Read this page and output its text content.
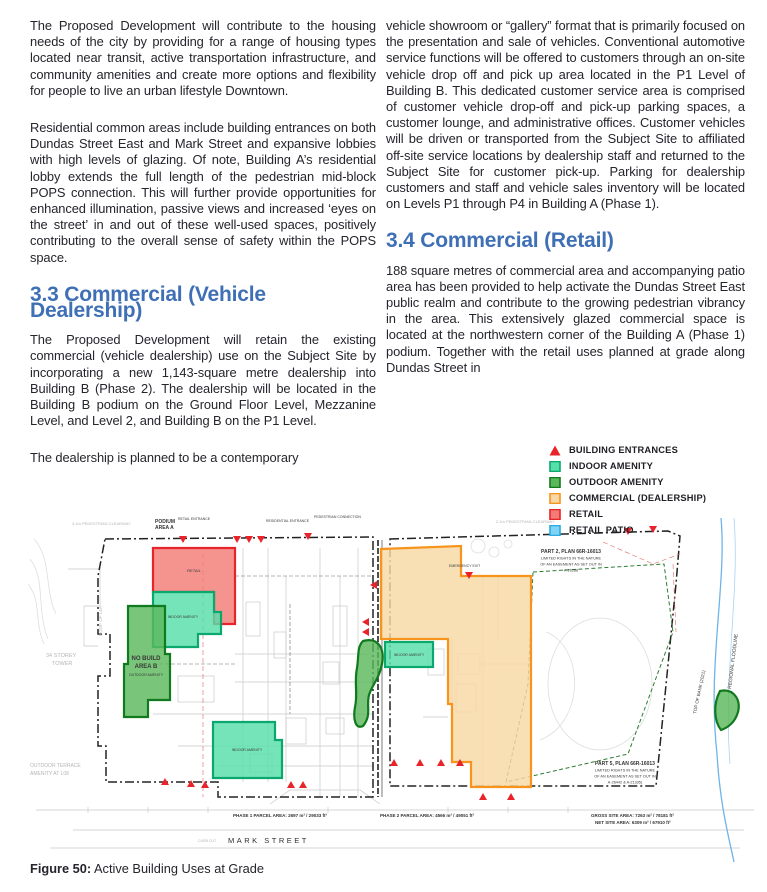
The Proposed Development will contribute to the housing needs of the city by providing for a range of housing types located near transit, active transportation infrastructure, and community amenities and create more options and flexibility for people to live an urban lifestyle Downtown.

Residential common areas include building entrances on both Dundas Street East and Mark Street and expansive lobbies with high levels of glazing. Of note, Building A’s residential lobby extends the full length of the pedestrian mid-block POPS connection. This will further provide opportunities for enhanced illumination, passive views and increased ‘eyes on the street’ in and out of these well-used spaces, positively contributing to the overall sense of safety within the POPS space.

3.3 Commercial (Vehicle Dealership)

The Proposed Development will retain the existing commercial (vehicle dealership) use on the Subject Site by incorporating a new 1,143-square metre dealership into Building B (Phase 2). The dealership will be located in the Building B podium on the Ground Floor Level, Mezzanine Level, and Level 2, and Building B on the P1 Level.

The dealership is planned to be a contemporary

vehicle showroom or “gallery” format that is primarily focused on the presentation and sale of vehicles. Conventional automotive service functions will be offered to customers through an on-site vehicle drop off and pick up area located in the P1 Level of Building B. This dedicated customer service area is comprised of customer vehicle drop-off and pick-up parking spaces, a customer lounge, and administrative offices. Customer vehicles will be driven or transported from the Subject Site to affiliated off-site service locations by dealership staff and returned to the Subject Site for customer pick-up. Parking for dealership customers and staff and vehicle sales inventory will be located on Levels P1 through P4 in Building A (Phase 1).

3.4 Commercial (Retail)

188 square metres of commercial area and accompanying patio area has been provided to help activate the Dundas Street East public realm and contribute to the growing pedestrian vibrancy in the area. This extensively glazed commercial space is located at the northwestern corner of the Building A (Phase 1) podium. Together with the retail uses planned at grade along Dundas Street in

BUILDING ENTRANCES
INDOOR AMENITY
OUTDOOR AMENITY
COMMERCIAL (DEALERSHIP)
RETAIL
RETAIL PATIO
PODIUM
AREA A
3.1m PEDESTRIAN CLEARWAY	2.1m PEDESTRIAN CLEARWAY
RETAIL ENTRANCE	RESIDENTIAL ENTRANCE
PEDESTRIAN CONNECTION
EMERGENCY EXIT
PART 2, PLAN 66R-16013
LIMITED RIGHTS IN THE NATURE
OF AN EASEMENT AS SET OUT IN
A-26288
PART 5, PLAN 66R-16013
LIMITED RIGHTS IN THE NATURE
OF AN EASEMENT AS SET OUT IN
A-26442 & A-21335)
34 STOREY
TOWER
OUTDOOR TERRACE
AMENITY AT L08
MARK STREET
CURB CUT
PHASE 1 PARCEL AREA: 2697 m² / 29033 ft²	PHASE 2 PARCEL AREA: 4566 m² / 49051 ft²	GROSS SITE AREA: 7263 m² / 78181 ft²
NET SITE AREA: 6309 m² / 67910 ft²
NO BUILD
AREA B
OUTDOOR AMENITY
RETAIL
INDOOR AMENITY
INDOOR AMENITY
INDOOR AMENITY
ROOF OF L4A
TOP OF BANK (2021)
REGIONAL FLOODLINE
Figure 50: Active Building Uses at Grade
